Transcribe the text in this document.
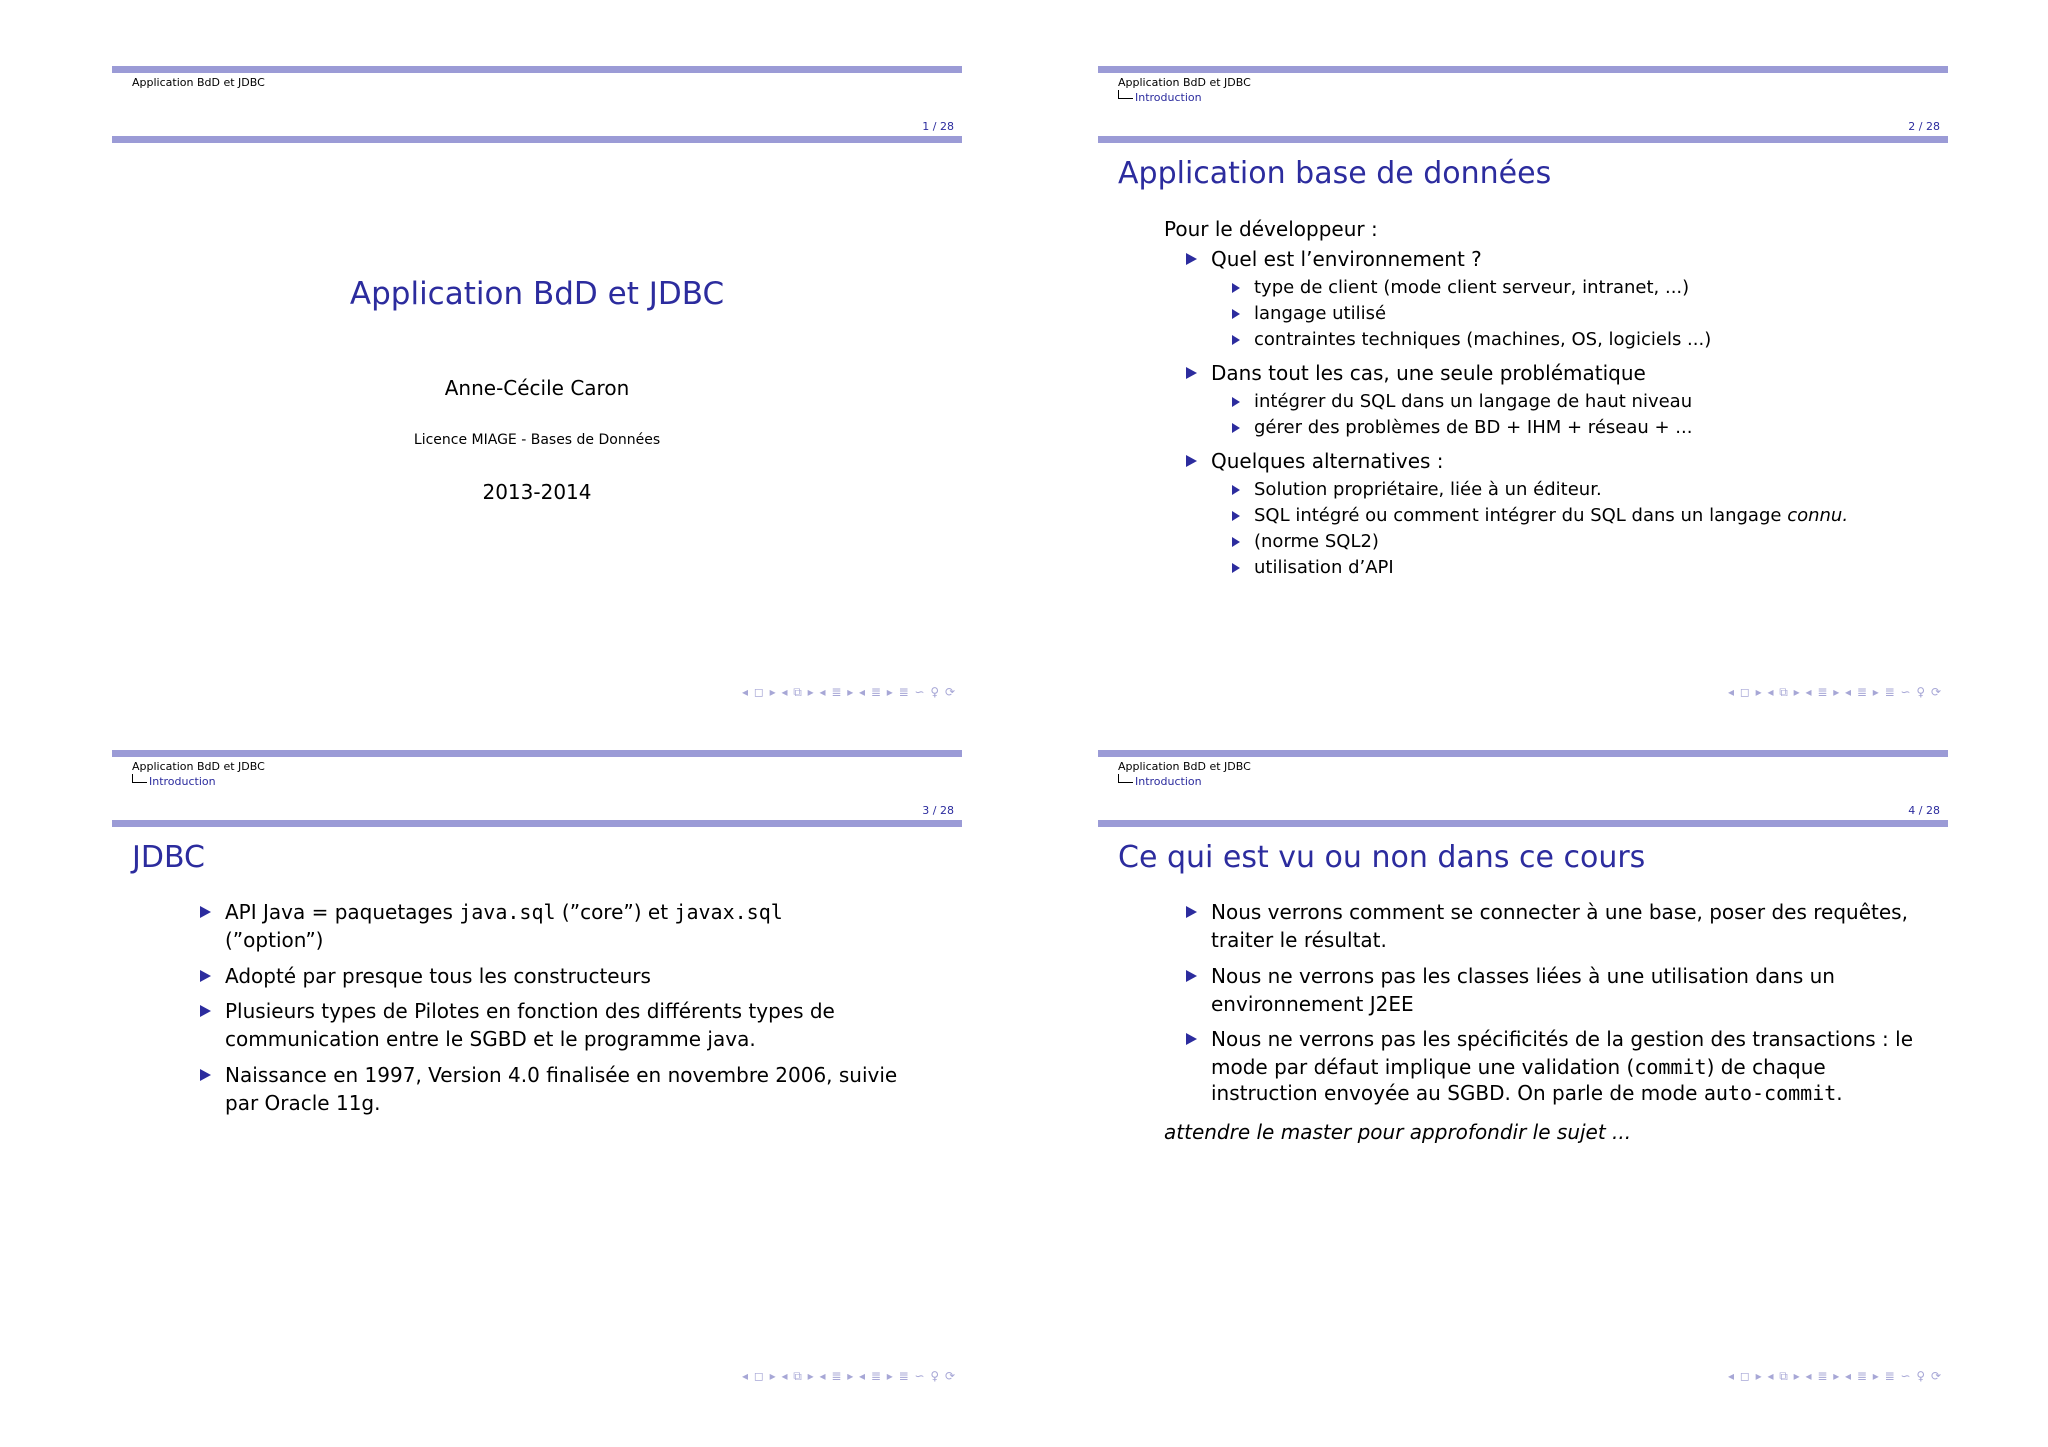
Application BdD et JDBC
1 / 28
Application BdD et JDBC
Anne-Cécile Caron
Licence MIAGE - Bases de Données
2013-2014
◂ ◻ ▸ ◂ ⧉ ▸ ◂ ≣ ▸ ◂ ≣ ▸ ≣ ∽ ♀ ⟳
Application BdD et JDBC
Introduction
2 / 28
Application base de données
Pour le développeur :
Quel est l’environnement ?
type de client (mode client serveur, intranet, ...)
langage utilisé
contraintes techniques (machines, OS, logiciels ...)
Dans tout les cas, une seule problématique
intégrer du SQL dans un langage de haut niveau
gérer des problèmes de BD + IHM + réseau + ...
Quelques alternatives :
Solution propriétaire, liée à un éditeur.
SQL intégré ou comment intégrer du SQL dans un langage connu.
(norme SQL2)
utilisation d’API
◂ ◻ ▸ ◂ ⧉ ▸ ◂ ≣ ▸ ◂ ≣ ▸ ≣ ∽ ♀ ⟳
Application BdD et JDBC
Introduction
3 / 28
JDBC
API Java = paquetages java.sql (”core”) et javax.sql
(”option”)
Adopté par presque tous les constructeurs
Plusieurs types de Pilotes en fonction des différents types de
communication entre le SGBD et le programme java.
Naissance en 1997, Version 4.0 finalisée en novembre 2006, suivie
par Oracle 11g.
◂ ◻ ▸ ◂ ⧉ ▸ ◂ ≣ ▸ ◂ ≣ ▸ ≣ ∽ ♀ ⟳
Application BdD et JDBC
Introduction
4 / 28
Ce qui est vu ou non dans ce cours
Nous verrons comment se connecter à une base, poser des requêtes,
traiter le résultat.
Nous ne verrons pas les classes liées à une utilisation dans un
environnement J2EE
Nous ne verrons pas les spécificités de la gestion des transactions : le
mode par défaut implique une validation (commit) de chaque
instruction envoyée au SGBD. On parle de mode auto-commit.
attendre le master pour approfondir le sujet ...
◂ ◻ ▸ ◂ ⧉ ▸ ◂ ≣ ▸ ◂ ≣ ▸ ≣ ∽ ♀ ⟳
